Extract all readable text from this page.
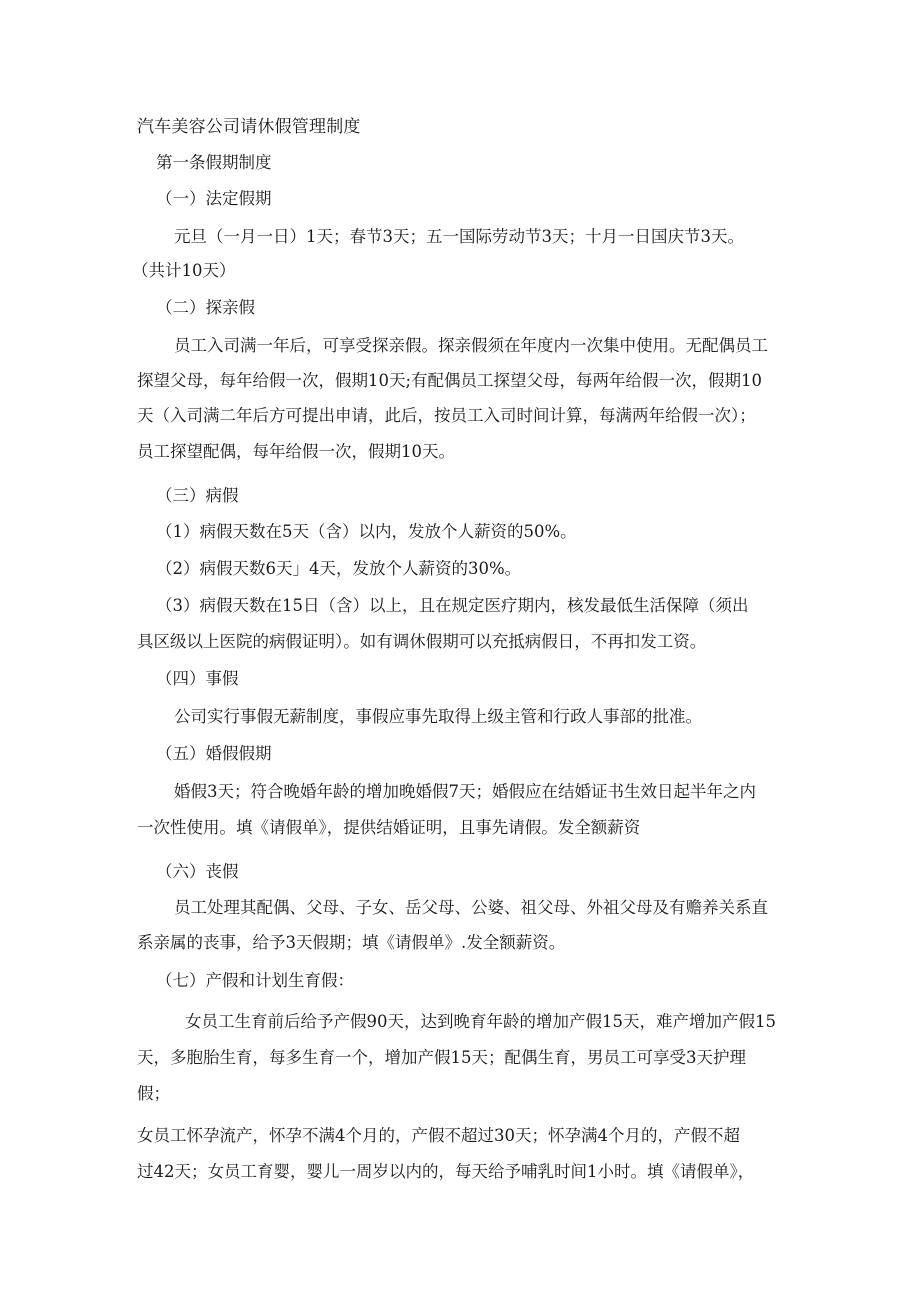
汽车美容公司请休假管理制度

第一条假期制度

（一）法定假期

元旦（一月一日）1天；春节3天；五一国际劳动节3天；十月一日国庆节3天。

（共计10天）

（二）探亲假

员工入司满一年后，可享受探亲假。探亲假须在年度内一次集中使用。无配偶员工

探望父母，每年给假一次，假期10天;有配偶员工探望父母，每两年给假一次，假期10

天（入司满二年后方可提出申请，此后，按员工入司时间计算，每满两年给假一次）；

员工探望配偶，每年给假一次，假期10天。

（三）病假

（1）病假天数在5天（含）以内，发放个人薪资的50%。

（2）病假天数6天」4天，发放个人薪资的30%。

（3）病假天数在15日（含）以上，且在规定医疗期内，核发最低生活保障（须出

具区级以上医院的病假证明）。如有调休假期可以充抵病假日，不再扣发工资。

（四）事假

公司实行事假无薪制度，事假应事先取得上级主管和行政人事部的批准。

（五）婚假假期

婚假3天；符合晚婚年龄的增加晚婚假7天；婚假应在结婚证书生效日起半年之内

一次性使用。填《请假单》，提供结婚证明，且事先请假。发全额薪资

（六）丧假

员工处理其配偶、父母、子女、岳父母、公婆、祖父母、外祖父母及有赡养关系直

系亲属的丧事，给予3天假期；填《请假单》.发全额薪资。

（七）产假和计划生育假：

女员工生育前后给予产假90天，达到晚育年龄的增加产假15天，难产增加产假15

天，多胞胎生育，每多生育一个，增加产假15天；配偶生育，男员工可享受3天护理

假；

女员工怀孕流产，怀孕不满4个月的，产假不超过30天；怀孕满4个月的，产假不超

过42天；女员工育婴，婴儿一周岁以内的，每天给予哺乳时间1小时。填《请假单》，
